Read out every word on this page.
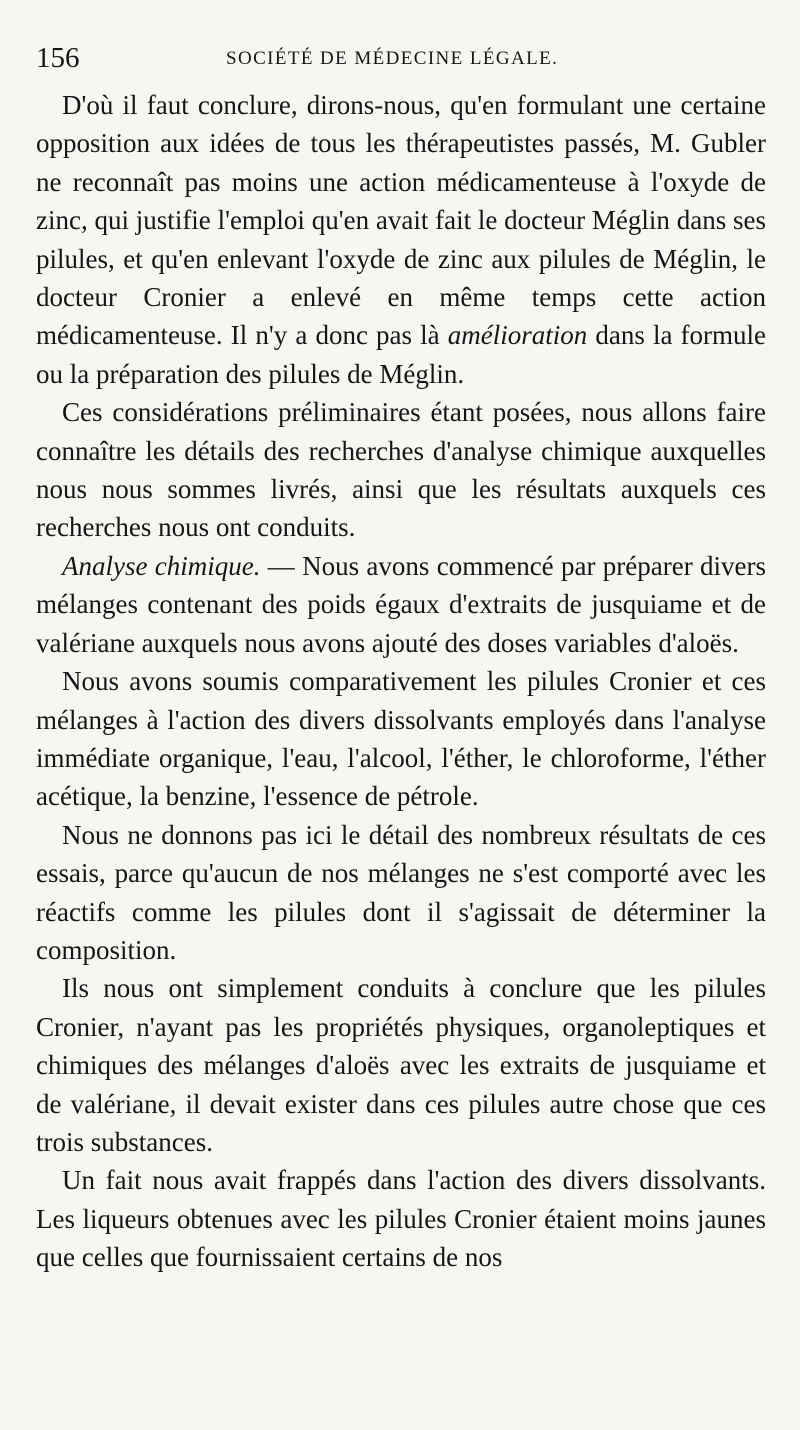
156	SOCIÉTÉ DE MÉDECINE LÉGALE.

D'où il faut conclure, dirons-nous, qu'en formulant une certaine opposition aux idées de tous les thérapeutistes passés, M. Gubler ne reconnaît pas moins une action médicamenteuse à l'oxyde de zinc, qui justifie l'emploi qu'en avait fait le docteur Méglin dans ses pilules, et qu'en enlevant l'oxyde de zinc aux pilules de Méglin, le docteur Cronier a enlevé en même temps cette action médicamenteuse. Il n'y a donc pas là amélioration dans la formule ou la préparation des pilules de Méglin.

Ces considérations préliminaires étant posées, nous allons faire connaître les détails des recherches d'analyse chimique auxquelles nous nous sommes livrés, ainsi que les résultats auxquels ces recherches nous ont conduits.

Analyse chimique. — Nous avons commencé par préparer divers mélanges contenant des poids égaux d'extraits de jusquiame et de valériane auxquels nous avons ajouté des doses variables d'aloës.

Nous avons soumis comparativement les pilules Cronier et ces mélanges à l'action des divers dissolvants employés dans l'analyse immédiate organique, l'eau, l'alcool, l'éther, le chloroforme, l'éther acétique, la benzine, l'essence de pétrole.

Nous ne donnons pas ici le détail des nombreux résultats de ces essais, parce qu'aucun de nos mélanges ne s'est comporté avec les réactifs comme les pilules dont il s'agissait de déterminer la composition.

Ils nous ont simplement conduits à conclure que les pilules Cronier, n'ayant pas les propriétés physiques, organoleptiques et chimiques des mélanges d'aloës avec les extraits de jusquiame et de valériane, il devait exister dans ces pilules autre chose que ces trois substances.

Un fait nous avait frappés dans l'action des divers dissolvants. Les liqueurs obtenues avec les pilules Cronier étaient moins jaunes que celles que fournissaient certains de nos
